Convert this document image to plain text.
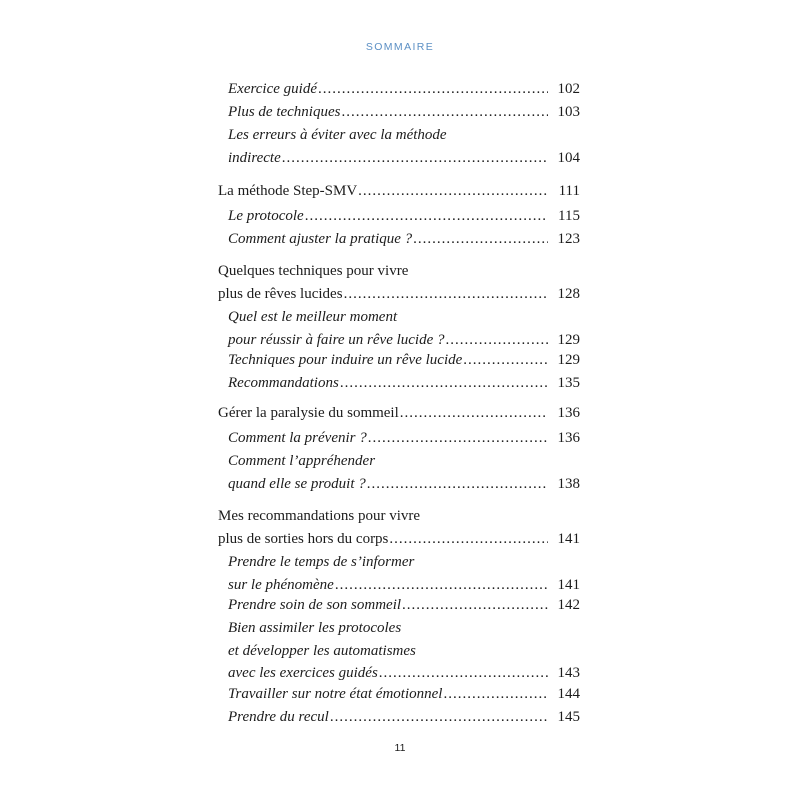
SOMMAIRE
Exercice guidé .....	102
Plus de techniques .....	103
Les erreurs à éviter avec la méthode
indirecte .....	104
La méthode Step-SMV .....	111
Le protocole .....	115
Comment ajuster la pratique ? .....	123
Quelques techniques pour vivre
plus de rêves lucides .....	128
Quel est le meilleur moment
pour réussir à faire un rêve lucide ? .....	129
Techniques pour induire un rêve lucide .....	129
Recommandations .....	135
Gérer la paralysie du sommeil .....	136
Comment la prévenir ? .....	136
Comment l’appréhender
quand elle se produit ? .....	138
Mes recommandations pour vivre
plus de sorties hors du corps .....	141
Prendre le temps de s’informer
sur le phénomène .....	141
Prendre soin de son sommeil .....	142
Bien assimiler les protocoles
et développer les automatismes
avec les exercices guidés .....	143
Travailler sur notre état émotionnel .....	144
Prendre du recul .....	145
11
